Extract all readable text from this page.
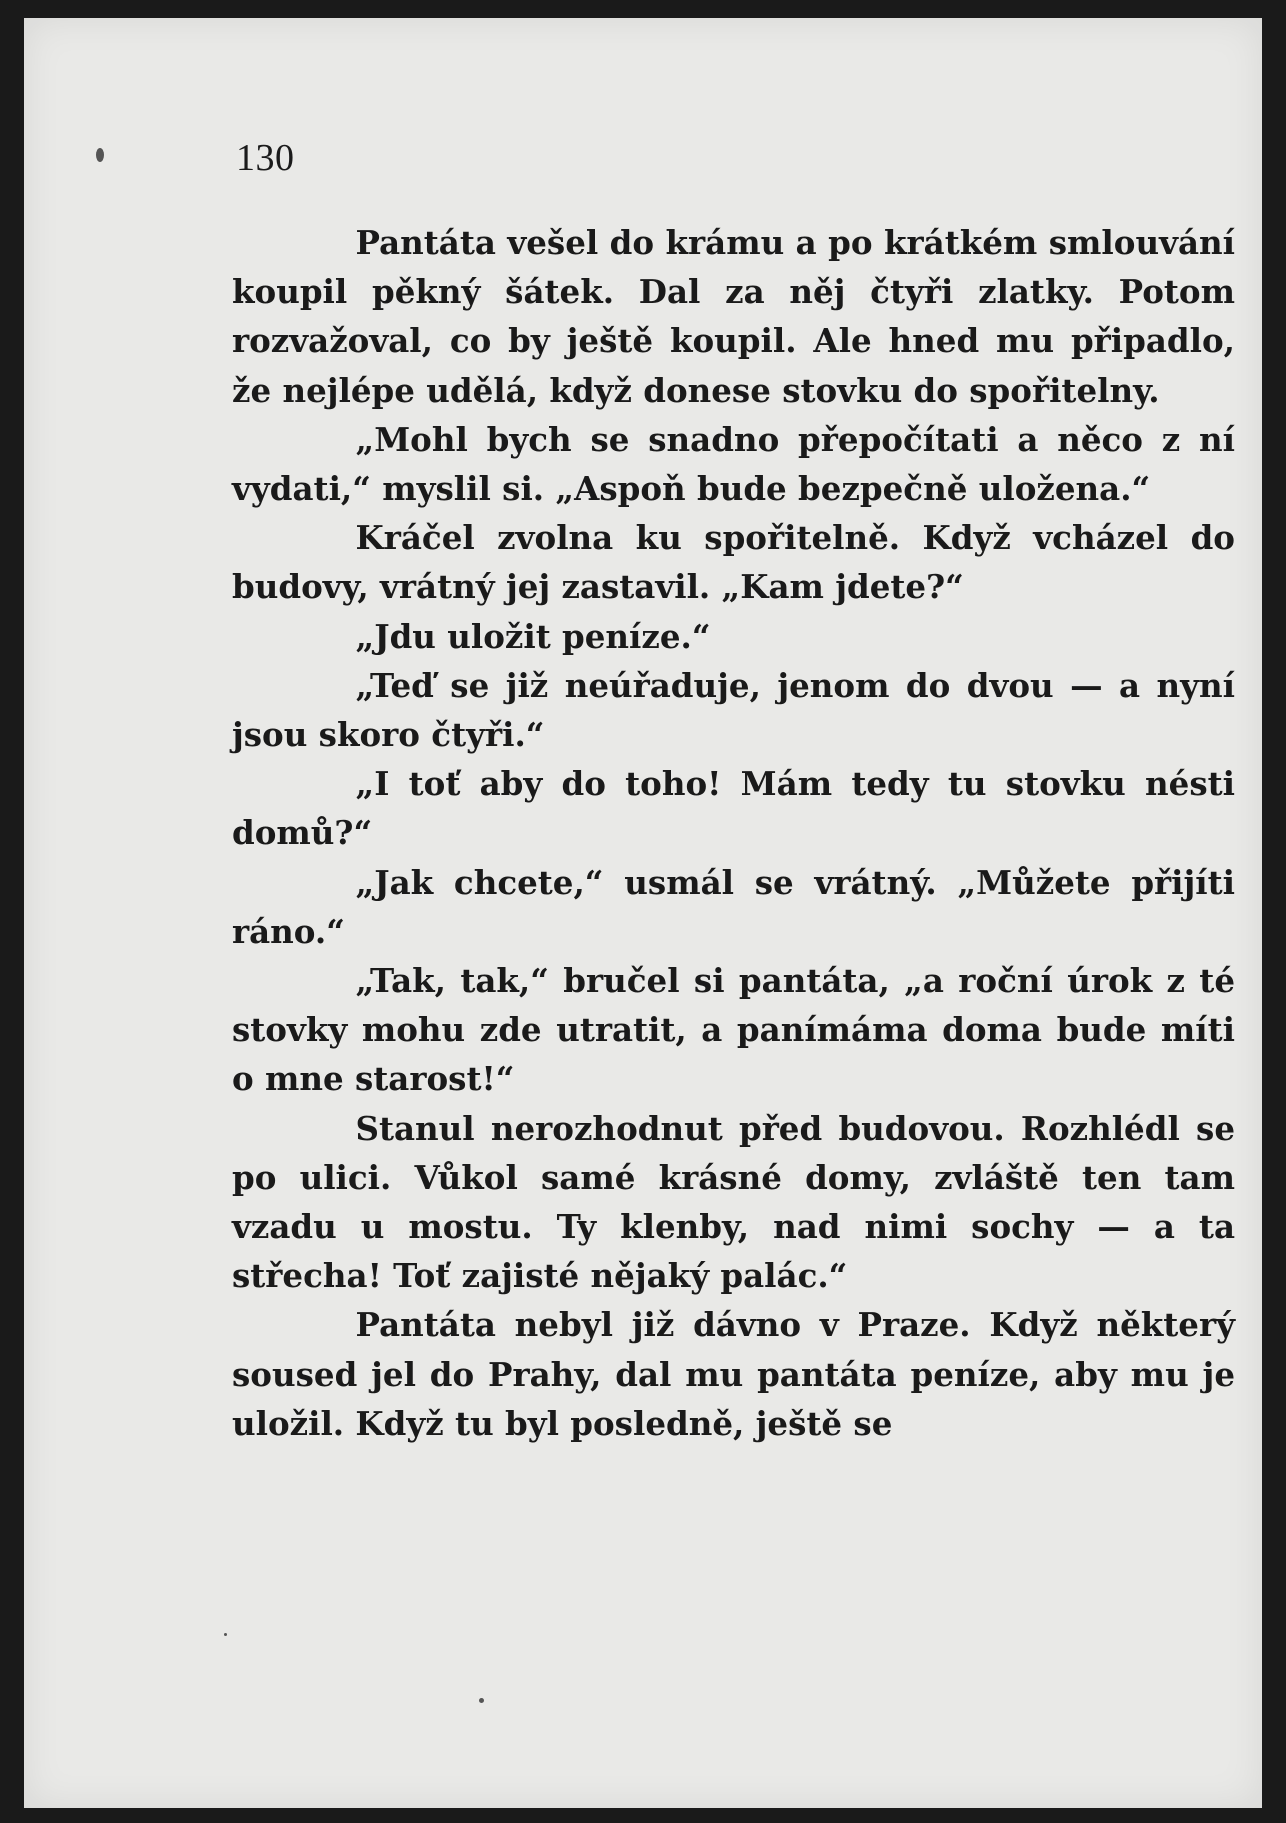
130

Pantáta vešel do krámu a po krátkém smlouvání koupil pěkný šátek. Dal za něj čtyři zlatky. Potom rozvažoval, co by ještě koupil. Ale hned mu připadlo, že nejlépe udělá, když donese stovku do spořitelny.

„Mohl bych se snadno přepočítati a něco z ní vydati,“ myslil si. „Aspoň bude bezpečně uložena.“

Kráčel zvolna ku spořitelně. Když vcházel do budovy, vrátný jej zastavil. „Kam jdete?“

„Jdu uložit peníze.“

„Teď se již neúřaduje, jenom do dvou — a nyní jsou skoro čtyři.“

„I toť aby do toho! Mám tedy tu stovku nésti domů?“

„Jak chcete,“ usmál se vrátný. „Můžete přijíti ráno.“

„Tak, tak,“ bručel si pantáta, „a roční úrok z té stovky mohu zde utratit, a panímáma doma bude míti o mne starost!“

Stanul nerozhodnut před budovou. Rozhlédl se po ulici. Vůkol samé krásné domy, zvláště ten tam vzadu u mostu. Ty klenby, nad nimi sochy — a ta střecha! Toť zajisté nějaký palác.“

Pantáta nebyl již dávno v Praze. Když některý soused jel do Prahy, dal mu pantáta peníze, aby mu je uložil. Když tu byl posledně, ještě se
